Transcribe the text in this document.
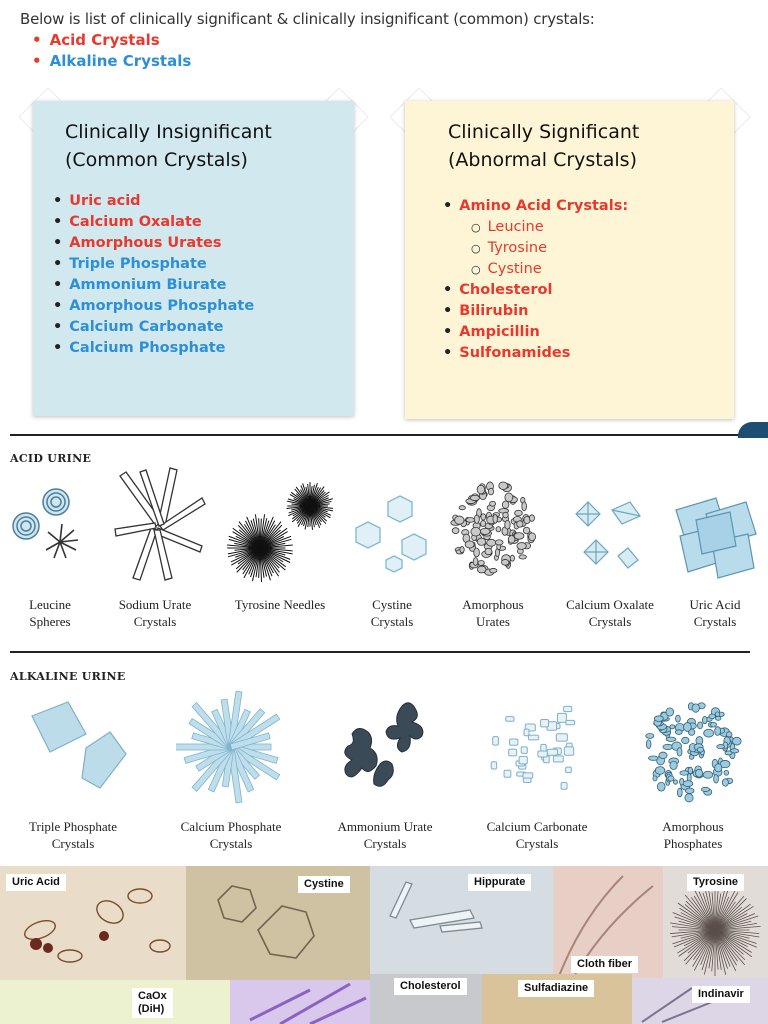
Below is list of clinically significant & clinically insignificant (common) crystals:
• Acid Crystals
• Alkaline Crystals
Clinically Insignificant
(Common Crystals)
• Uric acid
• Calcium Oxalate
• Amorphous Urates
• Triple Phosphate
• Ammonium Biurate
• Amorphous Phosphate
• Calcium Carbonate
• Calcium Phosphate
Clinically Significant
(Abnormal Crystals)
• Amino Acid Crystals:
○ Leucine
○ Tyrosine
○ Cystine
• Cholesterol
• Bilirubin
• Ampicillin
• Sulfonamides
ACID URINE
Leucine
Spheres
Sodium Urate
Crystals
Tyrosine Needles	Cystine
Crystals
Amorphous
Urates
Calcium Oxalate
Crystals
Uric Acid
Crystals
ALKALINE URINE
Triple Phosphate
Crystals
Calcium Phosphate
Crystals
Ammonium Urate
Crystals
Calcium Carbonate
Crystals
Amorphous
Phosphates
Uric Acid	Cystine	Hippurate
Cloth fiber
Tyrosine
CaOx
(DiH)
Cholesterol	Sulfadiazine	Indinavir
